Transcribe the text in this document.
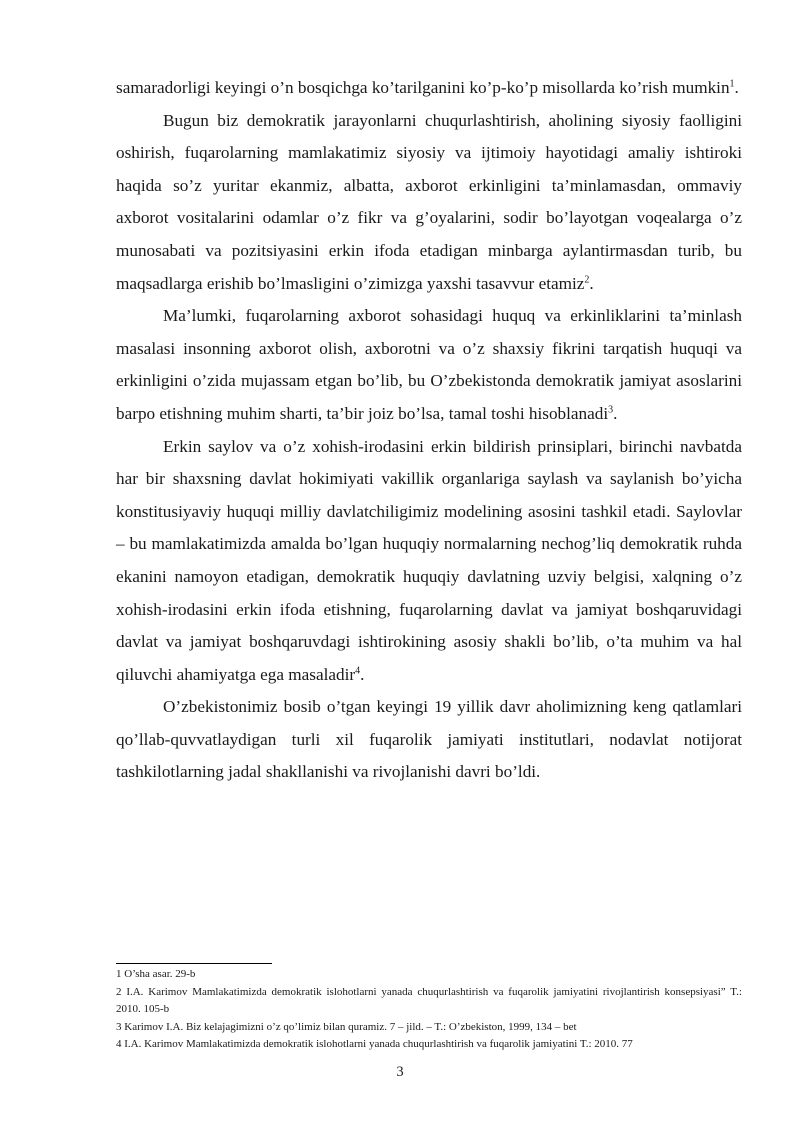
samaradorligi keyingi o’n bosqichga ko’tarilganini ko’p-ko’p misollarda ko’rish mumkin$^1$.

Bugun biz demokratik jarayonlarni chuqurlashtirish, aholining siyosiy faolligini oshirish, fuqarolarning mamlakatimiz siyosiy va ijtimoiy hayotidagi amaliy ishtiroki haqida so’z yuritar ekanmiz, albatta, axborot erkinligini ta’minlamasdan, ommaviy axborot vositalarini odamlar o’z fikr va g’oyalarini, sodir bo’layotgan voqealarga o’z munosabati va pozitsiyasini erkin ifoda etadigan minbarga aylantirmasdan turib, bu maqsadlarga erishib bo’lmasligini o’zimizga yaxshi tasavvur etamiz$^2$.

Ma’lumki, fuqarolarning axborot sohasidagi huquq va erkinliklarini ta’minlash masalasi insonning axborot olish, axborotni va o’z shaxsiy fikrini tarqatish huquqi va erkinligini o’zida mujassam etgan bo’lib, bu O’zbekistonda demokratik jamiyat asoslarini barpo etishning muhim sharti, ta’bir joiz bo’lsa, tamal toshi hisoblanadi$^3$.

Erkin saylov va o’z xohish-irodasini erkin bildirish prinsiplari, birinchi navbatda har bir shaxsning davlat hokimiyati vakillik organlariga saylash va saylanish bo’yicha konstitusiyaviy huquqi milliy davlatchiligimiz modelining asosini tashkil etadi. Saylovlar – bu mamlakatimizda amalda bo’lgan huquqiy normalarning nechog’liq demokratik ruhda ekanini namoyon etadigan, demokratik huquqiy davlatning uzviy belgisi, xalqning o’z xohish-irodasini erkin ifoda etishning, fuqarolarning davlat va jamiyat boshqaruvidagi davlat va jamiyat boshqaruvdagi ishtirokining asosiy shakli bo’lib, o’ta muhim va hal qiluvchi ahamiyatga ega masaladir$^4$.

O’zbekistonimiz bosib o’tgan keyingi 19 yillik davr aholimizning keng qatlamlari qo’llab-quvvatlaydigan turli xil fuqarolik jamiyati institutlari, nodavlat notijorat tashkilotlarning jadal shakllanishi va rivojlanishi davri bo’ldi.

1 O’sha asar. 29-b

2 I.A. Karimov Mamlakatimizda demokratik islohotlarni yanada chuqurlashtirish va fuqarolik jamiyatini rivojlantirish konsepsiyasi” T.: 2010. 105-b

3 Karimov I.A. Biz kelajagimizni o’z qo’limiz bilan quramiz. 7 – jild. – T.: O’zbekiston, 1999, 134 – bet

4 I.A. Karimov Mamlakatimizda demokratik islohotlarni yanada chuqurlashtirish va fuqarolik jamiyatini T.: 2010. 77

3
